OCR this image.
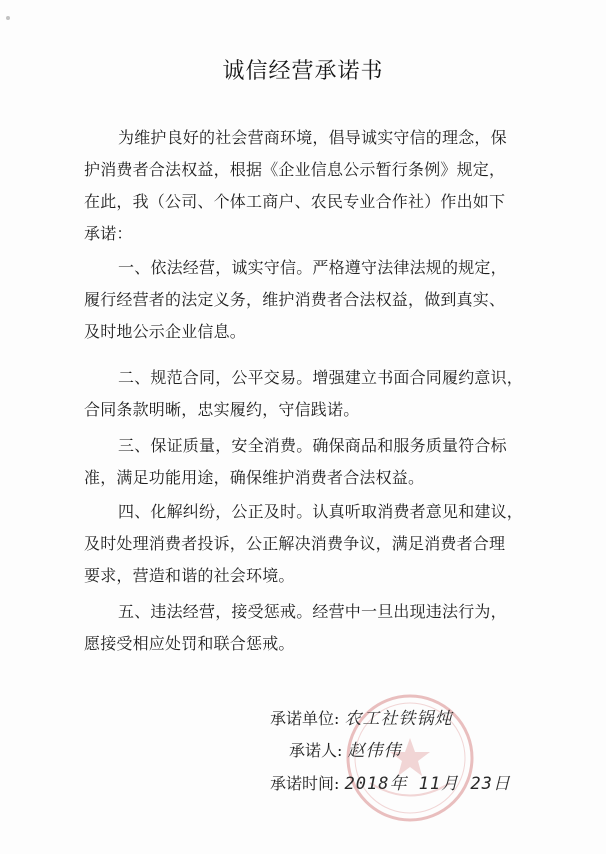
诚信经营承诺书

为维护良好的社会营商环境，倡导诚实守信的理念，保
护消费者合法权益，根据《企业信息公示暂行条例》规定，
在此，我（公司、个体工商户、农民专业合作社）作出如下
承诺：

一、依法经营，诚实守信。严格遵守法律法规的规定，
履行经营者的法定义务，维护消费者合法权益，做到真实、
及时地公示企业信息。

二、规范合同，公平交易。增强建立书面合同履约意识，
合同条款明晰，忠实履约，守信践诺。

三、保证质量，安全消费。确保商品和服务质量符合标
准，满足功能用途，确保维护消费者合法权益。

四、化解纠纷，公正及时。认真听取消费者意见和建议，
及时处理消费者投诉，公正解决消费争议，满足消费者合理
要求，营造和谐的社会环境。

五、违法经营，接受惩戒。经营中一旦出现违法行为，
愿接受相应处罚和联合惩戒。

承诺单位: 农工社铁锅炖
承诺人: 赵伟伟
承诺时间: 2018年 11月 23日
